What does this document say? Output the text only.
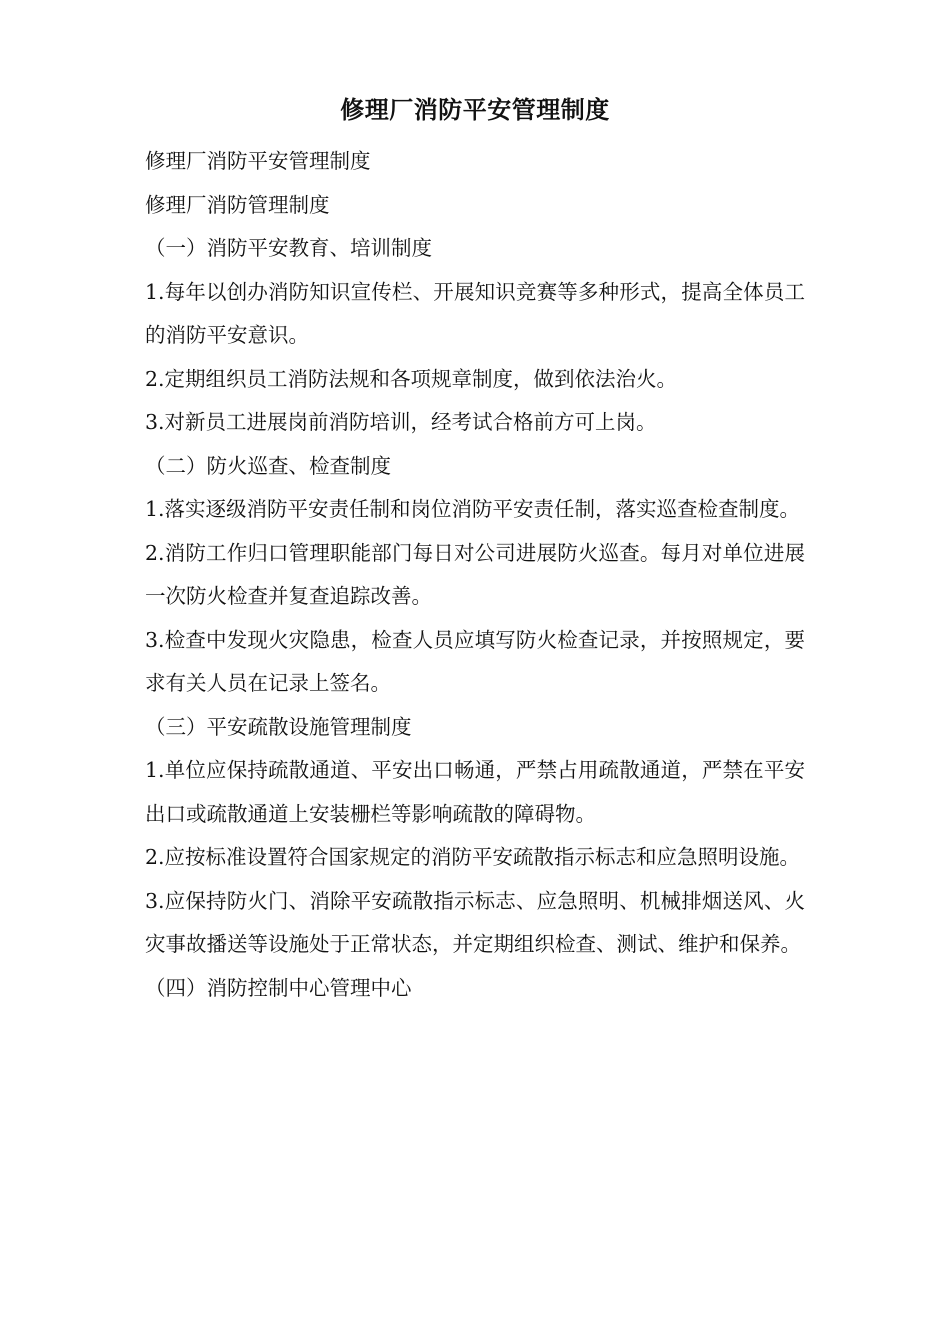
修理厂消防平安管理制度

修理厂消防平安管理制度

修理厂消防管理制度

（一）消防平安教育、培训制度

1.每年以创办消防知识宣传栏、开展知识竞赛等多种形式，提高全体员工的消防平安意识。

2.定期组织员工消防法规和各项规章制度，做到依法治火。

3.对新员工进展岗前消防培训，经考试合格前方可上岗。

（二）防火巡查、检查制度

1.落实逐级消防平安责任制和岗位消防平安责任制，落实巡查检查制度。

2.消防工作归口管理职能部门每日对公司进展防火巡查。每月对单位进展一次防火检查并复查追踪改善。

3.检查中发现火灾隐患，检查人员应填写防火检查记录，并按照规定，要求有关人员在记录上签名。

（三）平安疏散设施管理制度

1.单位应保持疏散通道、平安出口畅通，严禁占用疏散通道，严禁在平安出口或疏散通道上安装栅栏等影响疏散的障碍物。

2.应按标准设置符合国家规定的消防平安疏散指示标志和应急照明设施。

3.应保持防火门、消除平安疏散指示标志、应急照明、机械排烟送风、火灾事故播送等设施处于正常状态，并定期组织检查、测试、维护和保养。

（四）消防控制中心管理中心
